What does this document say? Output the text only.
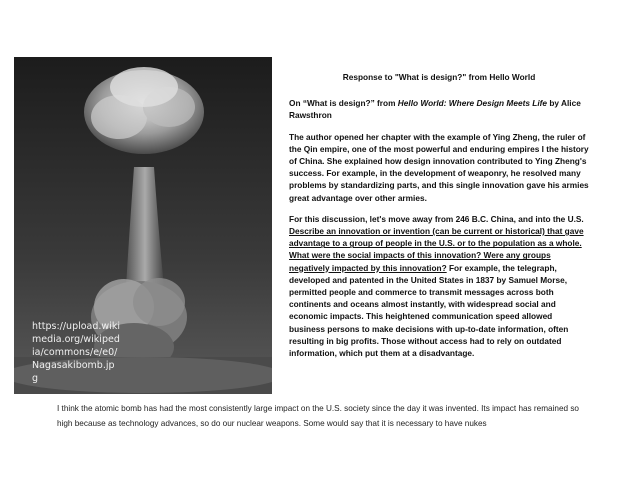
https://upload.wikimedia.org/wikipedia/commons/e/e0/Nagasakibomb.jpg
Response to "What is design?" from Hello World
On “What is design?” from Hello World: Where Design Meets Life by Alice Rawsthron
The author opened her chapter with the example of Ying Zheng, the ruler of the Qin empire, one of the most powerful and enduring empires I the history of China. She explained how design innovation contributed to Ying Zheng's success. For example, in the development of weaponry, he resolved many problems by standardizing parts, and this single innovation gave his armies great advantage over other armies.
For this discussion, let's move away from 246 B.C. China, and into the U.S. Describe an innovation or invention (can be current or historical) that gave advantage to a group of people in the U.S. or to the population as a whole. What were the social impacts of this innovation? Were any groups negatively impacted by this innovation? For example, the telegraph, developed and patented in the United States in 1837 by Samuel Morse, permitted people and commerce to transmit messages across both continents and oceans almost instantly, with widespread social and economic impacts. This heightened communication speed allowed business persons to make decisions with up-to-date information, often resulting in big profits. Those without access had to rely on outdated information, which put them at a disadvantage.
I think the atomic bomb has had the most consistently large impact on the U.S. society since the day it was invented. Its impact has remained so high because as technology advances, so do our nuclear weapons. Some would say that it is necessary to have nukes
